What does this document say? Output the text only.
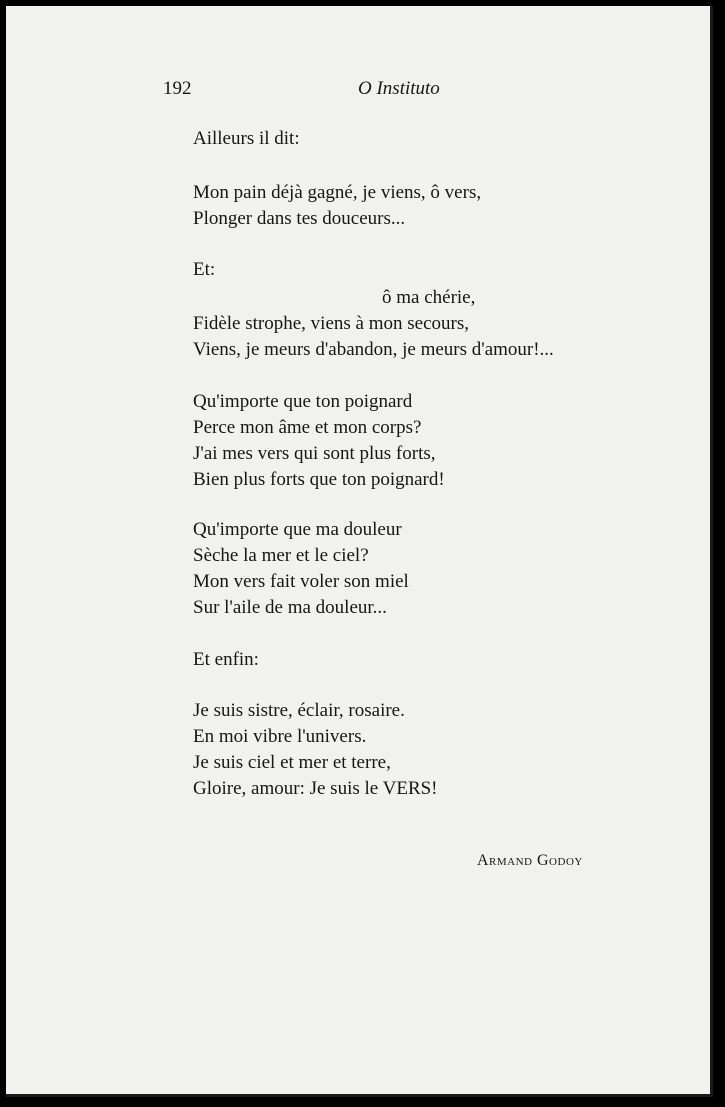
192	O Instituto
Ailleurs il dit:
Mon pain déjà gagné, je viens, ô vers,
Plonger dans tes douceurs...
Et:
ô ma chérie,
Fidèle strophe, viens à mon secours,
Viens, je meurs d'abandon, je meurs d'amour!...
Qu'importe que ton poignard
Perce mon âme et mon corps?
J'ai mes vers qui sont plus forts,
Bien plus forts que ton poignard!
Qu'importe que ma douleur
Sèche la mer et le ciel?
Mon vers fait voler son miel
Sur l'aile de ma douleur...
Et enfin:
Je suis sistre, éclair, rosaire.
En moi vibre l'univers.
Je suis ciel et mer et terre,
Gloire, amour: Je suis le VERS!
Armand Godoy
